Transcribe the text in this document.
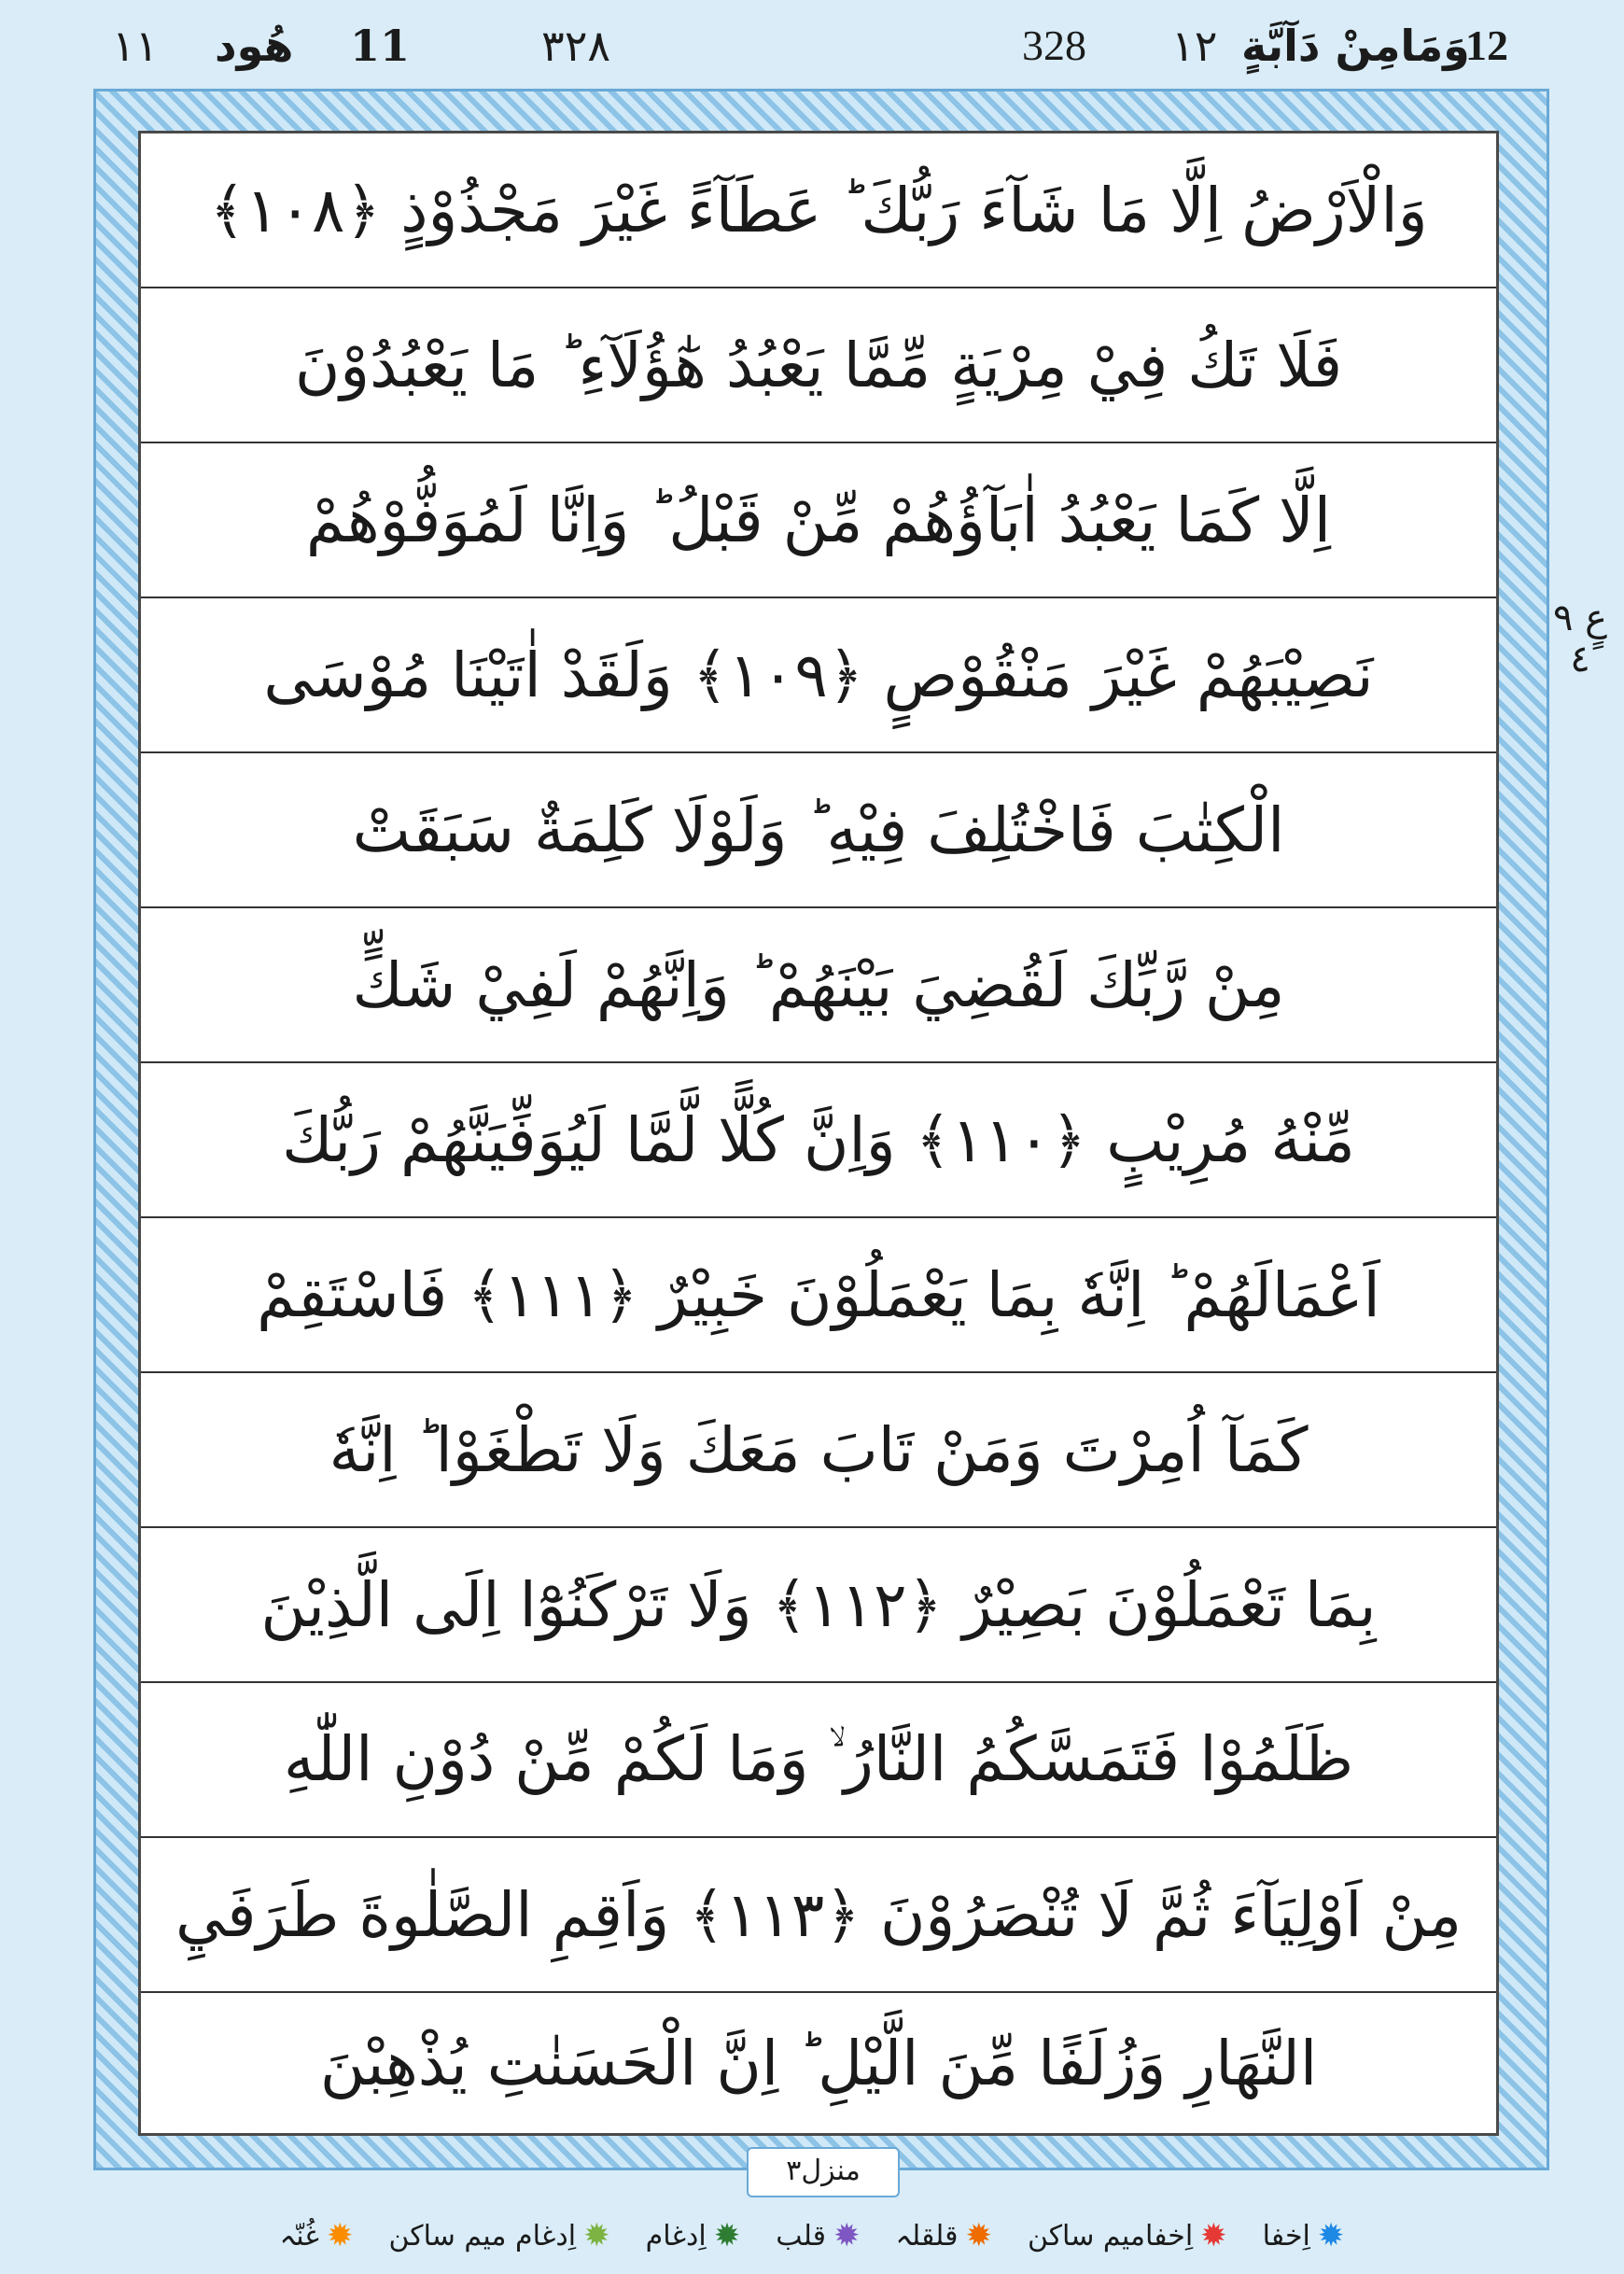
١١ هُود 11	٣٢٨	328 ١٢ وَمَامِنْ دَآبَّةٍ
12
وَالْاَرْضُ اِلَّا مَا شَآءَ رَبُّكَ ؕ عَطَآءً غَيْرَ مَجْذُوْذٍ ﴿١٠٨﴾
فَلَا تَكُ فِيْ مِرْيَةٍ مِّمَّا يَعْبُدُ هٰٓؤُلَآءِ ؕ مَا يَعْبُدُوْنَ
اِلَّا كَمَا يَعْبُدُ اٰبَآؤُهُمْ مِّنْ قَبْلُ ؕ وَاِنَّا لَمُوَفُّوْهُمْ
نَصِيْبَهُمْ غَيْرَ مَنْقُوْصٍ ﴿١٠٩﴾ وَلَقَدْ اٰتَيْنَا مُوْسَى
الْكِتٰبَ فَاخْتُلِفَ فِيْهِ ؕ وَلَوْلَا كَلِمَةٌ سَبَقَتْ
مِنْ رَّبِّكَ لَقُضِيَ بَيْنَهُمْ ؕ وَاِنَّهُمْ لَفِيْ شَكٍّ
مِّنْهُ مُرِيْبٍ ﴿١١٠﴾ وَاِنَّ كُلًّا لَّمَّا لَيُوَفِّيَنَّهُمْ رَبُّكَ
اَعْمَالَهُمْ ؕ اِنَّهٗ بِمَا يَعْمَلُوْنَ خَبِيْرٌ ﴿١١١﴾ فَاسْتَقِمْ
كَمَآ اُمِرْتَ وَمَنْ تَابَ مَعَكَ وَلَا تَطْغَوْا ؕ اِنَّهٗ
بِمَا تَعْمَلُوْنَ بَصِيْرٌ ﴿١١٢﴾ وَلَا تَرْكَنُوْٓا اِلَى الَّذِيْنَ
ظَلَمُوْا فَتَمَسَّكُمُ النَّارُ ۙ وَمَا لَكُمْ مِّنْ دُوْنِ اللّٰهِ
مِنْ اَوْلِيَآءَ ثُمَّ لَا تُنْصَرُوْنَ ﴿١١٣﴾ وَاَقِمِ الصَّلٰوةَ طَرَفَيِ
النَّهَارِ وَزُلَفًا مِّنَ الَّيْلِ ؕ اِنَّ الْحَسَنٰتِ يُذْهِبْنَ
عٍ ٩ ٤
منزل٣
✹
اِخفا
✹
اِخفامیم ساکن
✹
قلقلہ
✹
قلب
✹
اِدغام
✹
اِدغام میم ساکن
✹
غُنّہ
